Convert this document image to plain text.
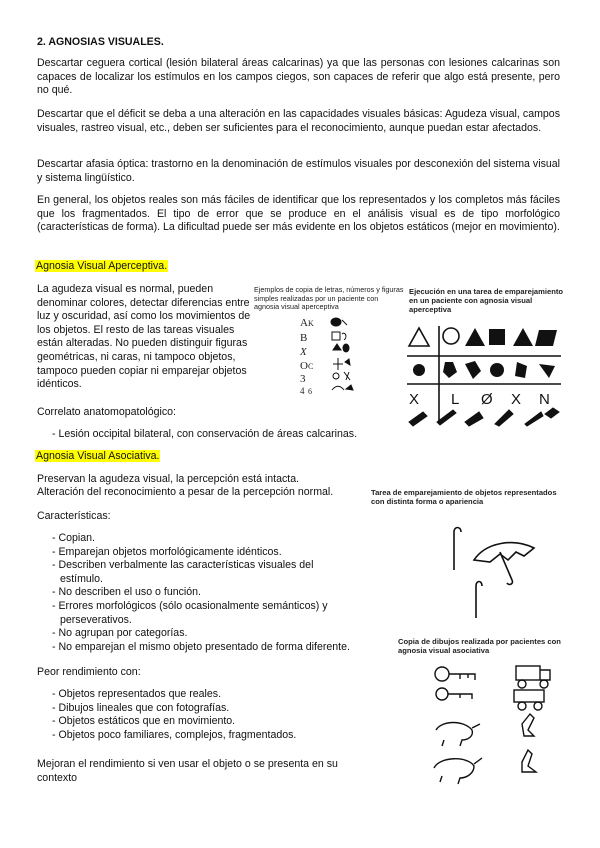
2. AGNOSIAS VISUALES.

Descartar ceguera cortical (lesión bilateral áreas calcarinas) ya que las personas con lesiones calcarinas son capaces de localizar los estímulos en los campos ciegos, son capaces de referir que algo está presente, pero no qué.

Descartar que el déficit se deba a una alteración en las capacidades visuales básicas: Agudeza visual, campos visuales, rastreo visual, etc., deben ser suficientes para el reconocimiento, aunque puedan estar afectados.

Descartar afasia óptica: trastorno en la denominación de estímulos visuales por desconexión del sistema visual y sistema lingüístico.

En general, los objetos reales son más fáciles de identificar que los representados y los completos más fáciles que los fragmentados. El tipo de error que se produce en el análisis visual es de tipo morfológico (características de forma). La dificultad puede ser más evidente en los objetos estáticos (mejor en movimiento).

Agnosia Visual Aperceptiva.

La agudeza visual es normal, pueden denominar colores, detectar diferencias entre luz y oscuridad, así como los movimientos de los objetos. El resto de las tareas visuales están alteradas. No pueden distinguir figuras geométricas, ni caras, ni tampoco objetos, tampoco pueden copiar ni emparejar objetos idénticos.

Ejemplos de copia de letras, números y figuras simples realizadas por un paciente con agnosia visual aperceptiva
A K
B
X
O C
3
4 6
Ejecución en una tarea de emparejamiento en un paciente con agnosia visual aperceptiva
X L Ø X N

Correlato anatomopatológico:

- Lesión occipital bilateral, con conservación de áreas calcarinas.

Agnosia Visual Asociativa.

Preservan la agudeza visual, la percepción está intacta.

Alteración del reconocimiento a pesar de la percepción normal.

Características:

- Copian.
- Emparejan objetos morfológicamente idénticos.
- Describen verbalmente las características visuales del estímulo.
- No describen el uso o función.
- Errores morfológicos (sólo ocasionalmente semánticos) y perseverativos.
- No agrupan por categorías.
- No emparejan el mismo objeto presentado de forma diferente.

Peor rendimiento con:

- Objetos representados que reales.
- Dibujos lineales que con fotografías.
- Objetos estáticos que en movimiento.
- Objetos poco familiares, complejos, fragmentados.

Mejoran el rendimiento si ven usar el objeto o se presenta en su contexto

Tarea de emparejamiento de objetos representados con distinta forma o apariencia
Copia de dibujos realizada por pacientes con agnosia visual asociativa
